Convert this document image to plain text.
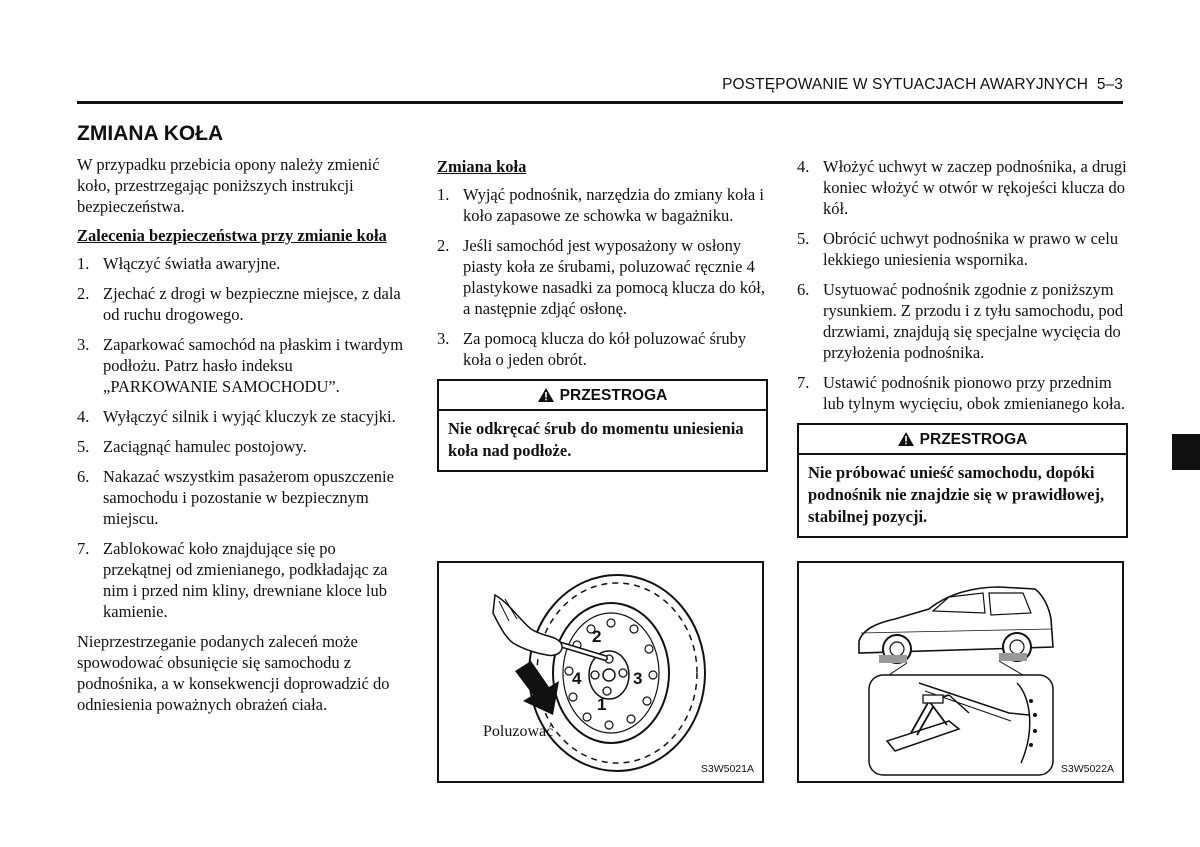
POSTĘPOWANIE W SYTUACJACH AWARYJNYCH 5–3
ZMIANA KOŁA

W przypadku przebicia opony należy zmienić koło, przestrzegając poniższych instrukcji bezpieczeństwa.

Zalecenia bezpieczeństwa przy zmianie koła
1. Włączyć światła awaryjne.
2. Zjechać z drogi w bezpieczne miejsce, z dala od ruchu drogowego.
3. Zaparkować samochód na płaskim i twardym podłożu. Patrz hasło indeksu „PARKOWANIE SAMOCHODU”.
4. Wyłączyć silnik i wyjąć kluczyk ze stacyjki.
5. Zaciągnąć hamulec postojowy.
6. Nakazać wszystkim pasażerom opuszczenie samochodu i pozostanie w bezpiecznym miejscu.
7. Zablokować koło znajdujące się po przekątnej od zmienianego, podkładając za nim i przed nim kliny, drewniane kloce lub kamienie.

Nieprzestrzeganie podanych zaleceń może spowodować obsunięcie się samochodu z podnośnika, a w konsekwencji doprowadzić do odniesienia poważnych obrażeń ciała.

Zmiana koła
1. Wyjąć podnośnik, narzędzia do zmiany koła i koło zapasowe ze schowka w bagażniku.
2. Jeśli samochód jest wyposażony w osłony piasty koła ze śrubami, poluzować ręcznie 4 plastykowe nasadki za pomocą klucza do kół, a następnie zdjąć osłonę.
3. Za pomocą klucza do kół poluzować śruby koła o jeden obrót.
PRZESTROGA
Nie odkręcać śrub do momentu uniesienia koła nad podłoże.
4. Włożyć uchwyt w zaczep podnośnika, a drugi koniec włożyć w otwór w rękojeści klucza do kół.
5. Obrócić uchwyt podnośnika w prawo w celu lekkiego uniesienia wspornika.
6. Usytuować podnośnik zgodnie z poniższym rysunkiem. Z przodu i z tyłu samochodu, pod drzwiami, znajdują się specjalne wycięcia do przyłożenia podnośnika.
7. Ustawić podnośnik pionowo przy przednim lub tylnym wycięciu, obok zmienianego koła.
PRZESTROGA
Nie próbować unieść samochodu, dopóki podnośnik nie znajdzie się w prawidłowej, stabilnej pozycji.
2
4	3
1
Poluzować
S3W5021A	S3W5022A
